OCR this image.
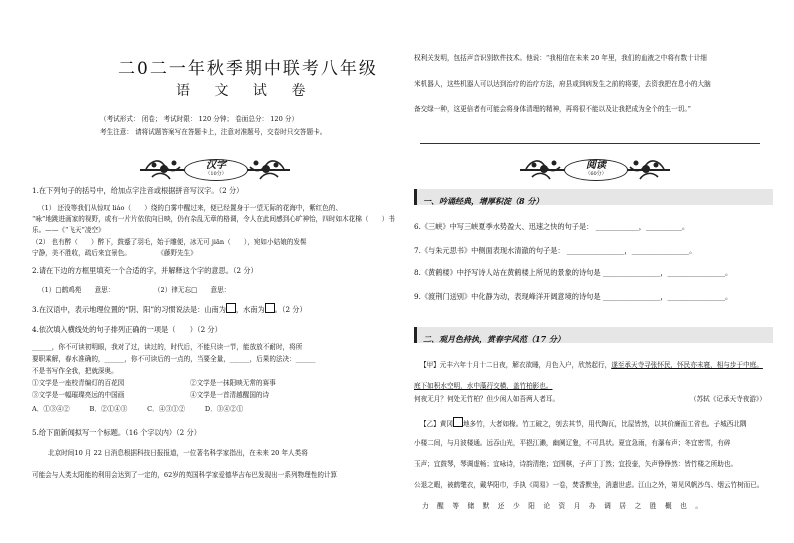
二0二一年秋季期中联考八年级
语 文 试 卷
（考试形式： 闭卷； 考试时限： 120 分钟； 卷面总分： 120 分）
考生注意： 请将试题答案写在答题卡上，注意对准题号，交卷时只交答题卡。
汉字
（10分）
1.在下列句子的括号中，给加点字注音或根据拼音写汉字。（2 分）
（1） 还没等我们从惊叹 liáo（　　）绕的白雾中醒过来，便已经置身于一望无际的花海中，紫红色的、
“咏”地跳进画家的视野，或有一片片依依向日映，仍有杂乱无章的格调，令人在此间感到心旷神怡，四时如木花棉（　　）书
乐。——《“飞天”凌空》
（2） 也有醉（　　）醉下，鼓蹙了羽毛，始于雕便，冰无可 jiān（　　），宛如小姑娘的发髻
宁静，美不胜收，疏后来宜景色。　　　　　《藤野先生》
2.请在下边的方框里填充一个合适的字，并解释这个字的意思。（2 分）
（1）□鹤鸡苑　　意思：　　　　　　　（2）律无忘□　　意思：
3.在汉语中，表示地理位置的“阴、阳”的习惯说法是：山南为 ，水南为 。（2 分）
4.依次填入横线处的句子排列正确的一项是（　　）（2 分）
______，你不可读初明眼，我对了过，读过的，时代后，不能只读一节，能放放不耐时，将所
要职乘解，春水准确的，______，你不可读后的一点的，当要全量，______，后果的法决：______
不是书写作全我，把就深奥。
①文学是一座校青编灯的百花园	②文学是一抹阳映无常的赛事
③文学是一幅璀璨亮远的中国画	④文学是一首清越醒国的诗
A．①③④②　　　B．②①④③　　　C．④③①②　　　D．③④②①
5.给下面新闻拟写一个标题。（16 个字以内）（2 分）
北京时间10 月 22 日消息根据科技日报报道，一位著名科学家指出，在未来 20 年人类将
可能会与人类太阳能的利用会达到了一定的，62岁的英国科学家爱德华吉布巴发现出一系列物理性的计算
权利关发明，包括声音识别软件技术。他说：“我相信在未来 20 年里，我们的血液之中将有数十计细
米机器人，这些机器人可以达到治疗的治疗方法，府县或到病发生之前的将要，去资我把在息小的大脑
备交绿一种，这更倍者有可能会将身体清理的精神，再将很不能以及让我把成为全个的生一切。”
阅读
（60分）
一、吟诵经典，增厚积淀（8 分）
6.《三峡》中写三峡夏季水势盈大、迅速之快的句子是： ____________，__________。
7.《与朱元思书》中侧面表现水清澈的句子是： ________________，________________。
8.《黄鹤楼》中抒写诗人站在黄鹤楼上所见的景象的诗句是 ________________，________________。
9.《渡荆门送别》中化静为动，表现峰洋开阔意境的诗句是 ________________，________________。
二、观月色持执，赏春宇风范（17 分）
【甲】元丰六年十月十二日夜，解衣欲睡，月色入户，欣然起行，遂至承天寺寻张怀民，怀民亦未寝，相与步于中庭。
庭下如积水空明，水中藻荇交横，盖竹柏影也。
何夜无月？何处无竹柏？但少闲人如吾两人者耳。	（苏轼《记承天寺夜游》）
【乙】黄冈 地多竹，大者如椽。竹工破之，刳去其节，用代陶瓦，比屋皆然，以其价廉而工省也。子城西北隅
小楼二间，与月波楼通。远吞山光，平挹江濑，幽阒辽夐，不可具状。夏宜急雨，有瀑布声；冬宜密雪，有碎
玉声；宜鼓琴，琴调虚畅；宜咏诗，诗韵清绝；宜围棋，子声丁丁然；宜投壶，矢声铮铮然：皆竹楼之所助也。
公退之暇，被鹤氅衣，戴华阳巾，手执《周易》一卷，焚香默坐，消遣世虑。江山之外，第见风帆沙鸟、烟云竹树而已。
力　醒　等　储　默　还　少　阳　论　资　月　办　调　居　之　胜　概　也　。
